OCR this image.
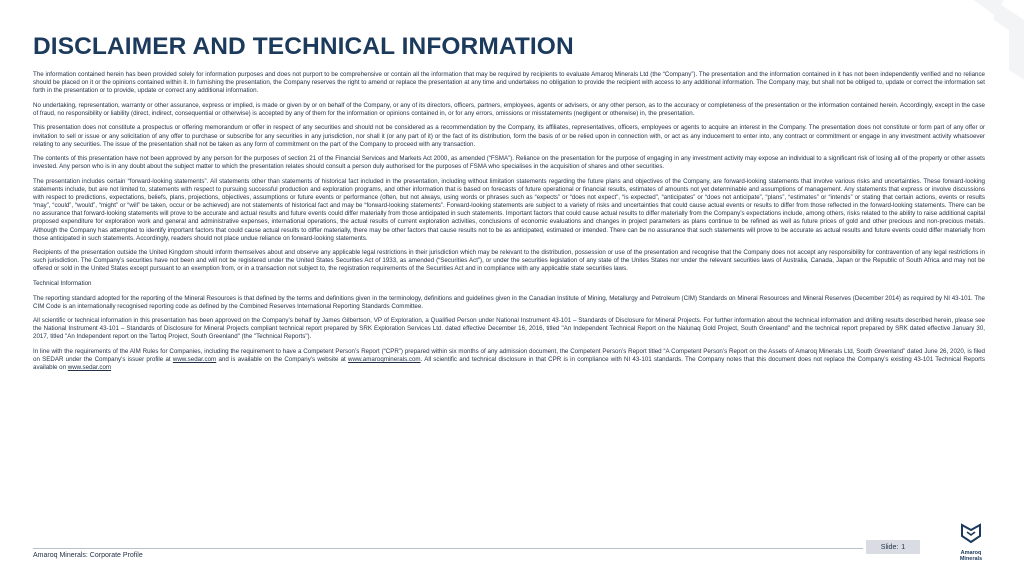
DISCLAIMER AND TECHNICAL INFORMATION

The information contained herein has been provided solely for information purposes and does not purport to be comprehensive or contain all the information that may be required by recipients to evaluate Amaroq Minerals Ltd (the “Company”). The presentation and the information contained in it has not been independently verified and no reliance should be placed on it or the opinions contained within it. In furnishing the presentation, the Company reserves the right to amend or replace the presentation at any time and undertakes no obligation to provide the recipient with access to any additional information. The Company may, but shall not be obliged to, update or correct the information set forth in the presentation or to provide, update or correct any additional information.

No undertaking, representation, warranty or other assurance, express or implied, is made or given by or on behalf of the Company, or any of its directors, officers, partners, employees, agents or advisers, or any other person, as to the accuracy or completeness of the presentation or the information contained herein. Accordingly, except in the case of fraud, no responsibility or liability (direct, indirect, consequential or otherwise) is accepted by any of them for the information or opinions contained in, or for any errors, omissions or misstatements (negligent or otherwise) in, the presentation.

This presentation does not constitute a prospectus or offering memorandum or offer in respect of any securities and should not be considered as a recommendation by the Company, its affiliates, representatives, officers, employees or agents to acquire an interest in the Company. The presentation does not constitute or form part of any offer or invitation to sell or issue or any solicitation of any offer to purchase or subscribe for any securities in any jurisdiction, nor shall it (or any part of it) or the fact of its distribution, form the basis of or be relied upon in connection with, or act as any inducement to enter into, any contract or commitment or engage in any investment activity whatsoever relating to any securities. The issue of the presentation shall not be taken as any form of commitment on the part of the Company to proceed with any transaction.

The contents of this presentation have not been approved by any person for the purposes of section 21 of the Financial Services and Markets Act 2000, as amended (“FSMA”). Reliance on the presentation for the purpose of engaging in any investment activity may expose an individual to a significant risk of losing all of the property or other assets invested. Any person who is in any doubt about the subject matter to which the presentation relates should consult a person duly authorised for the purposes of FSMA who specialises in the acquisition of shares and other securities.

The presentation includes certain “forward-looking statements”. All statements other than statements of historical fact included in the presentation, including without limitation statements regarding the future plans and objectives of the Company, are forward-looking statements that involve various risks and uncertainties. These forward-looking statements include, but are not limited to, statements with respect to pursuing successful production and exploration programs, and other information that is based on forecasts of future operational or financial results, estimates of amounts not yet determinable and assumptions of management. Any statements that express or involve discussions with respect to predictions, expectations, beliefs, plans, projections, objectives, assumptions or future events or performance (often, but not always, using words or phrases such as “expects” or “does not expect”, “is expected”, “anticipates” or “does not anticipate”, “plans”, “estimates” or “intends” or stating that certain actions, events or results “may”, “could”, “would”, “might” or “will” be taken, occur or be achieved) are not statements of historical fact and may be “forward-looking statements”. Forward-looking statements are subject to a variety of risks and uncertainties that could cause actual events or results to differ from those reflected in the forward-looking statements. There can be no assurance that forward-looking statements will prove to be accurate and actual results and future events could differ materially from those anticipated in such statements. Important factors that could cause actual results to differ materially from the Company’s expectations include, among others, risks related to the ability to raise additional capital proposed expenditure for exploration work and general and administrative expenses, international operations, the actual results of current exploration activities, conclusions of economic evaluations and changes in project parameters as plans continue to be refined as well as future prices of gold and other precious and non-precious metals. Although the Company has attempted to identify important factors that could cause actual results to differ materially, there may be other factors that cause results not to be as anticipated, estimated or intended. There can be no assurance that such statements will prove to be accurate as actual results and future events could differ materially from those anticipated in such statements. Accordingly, readers should not place undue reliance on forward-looking statements.

Recipients of the presentation outside the United Kingdom should inform themselves about and observe any applicable legal restrictions in their jurisdiction which may be relevant to the distribution, possession or use of the presentation and recognise that the Company does not accept any responsibility for contravention of any legal restrictions in such jurisdiction. The Company’s securities have not been and will not be registered under the United States Securities Act of 1933, as amended (“Securities Act”), or under the securities legislation of any state of the Unites States nor under the relevant securities laws of Australia, Canada, Japan or the Republic of South Africa and may not be offered or sold in the United States except pursuant to an exemption from, or in a transaction not subject to, the registration requirements of the Securities Act and in compliance with any applicable state securities laws.

Technical Information

The reporting standard adopted for the reporting of the Mineral Resources is that defined by the terms and definitions given in the terminology, definitions and guidelines given in the Canadian Institute of Mining, Metallurgy and Petroleum (CIM) Standards on Mineral Resources and Mineral Reserves (December 2014) as required by NI 43-101. The CIM Code is an internationally recognised reporting code as defined by the Combined Reserves International Reporting Standards Committee.

All scientific or technical information in this presentation has been approved on the Company’s behalf by James Gilbertson, VP of Exploration, a Qualified Person under National Instrument 43-101 – Standards of Disclosure for Mineral Projects. For further information about the technical information and drilling results described herein, please see the National Instrument 43-101 – Standards of Disclosure for Mineral Projects compliant technical report prepared by SRK Exploration Services Ltd. dated effective December 16, 2016, titled "An Independent Technical Report on the Nalunaq Gold Project, South Greenland" and the technical report prepared by SRK dated effective January 30, 2017, titled "An Independent report on the Tartoq Project, South Greenland" (the "Technical Reports").

In line with the requirements of the AIM Rules for Companies, including the requirement to have a Competent Person’s Report (“CPR”) prepared within six months of any admission document, the Competent Person’s Report titled “A Competent Person’s Report on the Assets of Amaroq Minerals Ltd, South Greenland” dated June 26, 2020, is filed on SEDAR under the Company’s issuer profile at www.sedar.com and is available on the Company’s website at www.amaroqminerals.com. All scientific and technical disclosure in that CPR is in compliance with NI 43-101 standards. The Company notes that this document does not replace the Company’s existing 43-101 Technical Reports available on www.sedar.com

Amaroq Minerals: Corporate Profile
Slide: 1
Amaroq Minerals
